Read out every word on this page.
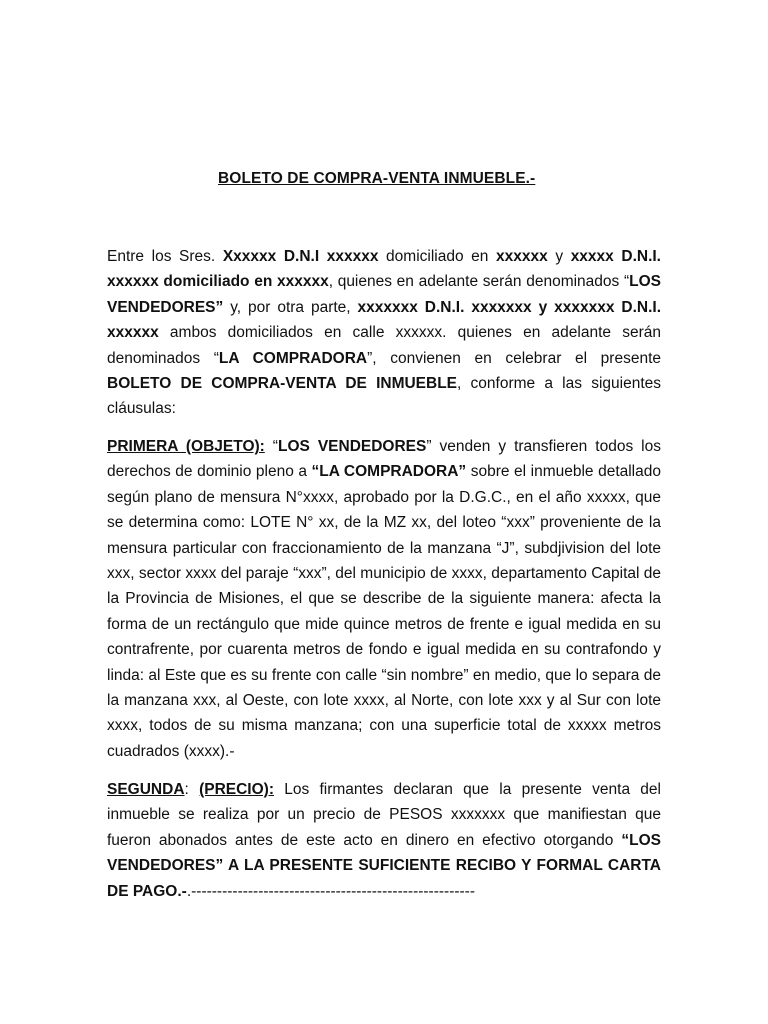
BOLETO DE COMPRA-VENTA INMUEBLE.-

Entre los Sres. Xxxxxx D.N.I xxxxxx domiciliado en xxxxxx y xxxxx D.N.I. xxxxxx domiciliado en xxxxxx, quienes en adelante serán denominados “LOS VENDEDORES” y, por otra parte, xxxxxxx D.N.I. xxxxxxx y xxxxxxx D.N.I. xxxxxx ambos domiciliados en calle xxxxxx. quienes en adelante serán denominados “LA COMPRADORA”, convienen en celebrar el presente BOLETO DE COMPRA-VENTA DE INMUEBLE, conforme a las siguientes cláusulas:

PRIMERA (OBJETO): “LOS VENDEDORES” venden y transfieren todos los derechos de dominio pleno a “LA COMPRADORA” sobre el inmueble detallado según plano de mensura N°xxxx, aprobado por la D.G.C., en el año xxxxx, que se determina como: LOTE N° xx, de la MZ xx, del loteo “xxx” proveniente de la mensura particular con fraccionamiento de la manzana “J”, subdjivision del lote xxx, sector xxxx del paraje “xxx”, del municipio de xxxx, departamento Capital de la Provincia de Misiones, el que se describe de la siguiente manera: afecta la forma de un rectángulo que mide quince metros de frente e igual medida en su contrafrente, por cuarenta metros de fondo e igual medida en su contrafondo y linda: al Este que es su frente con calle “sin nombre” en medio, que lo separa de la manzana xxx, al Oeste, con lote xxxx, al Norte, con lote xxx y al Sur con lote xxxx, todos de su misma manzana; con una superficie total de xxxxx metros cuadrados (xxxx).-

SEGUNDA: (PRECIO): Los firmantes declaran que la presente venta del inmueble se realiza por un precio de PESOS xxxxxxx que manifiestan que fueron abonados antes de este acto en dinero en efectivo otorgando “LOS VENDEDORES” A LA PRESENTE SUFICIENTE RECIBO Y FORMAL CARTA DE PAGO.-.-------------------------------------------------------
